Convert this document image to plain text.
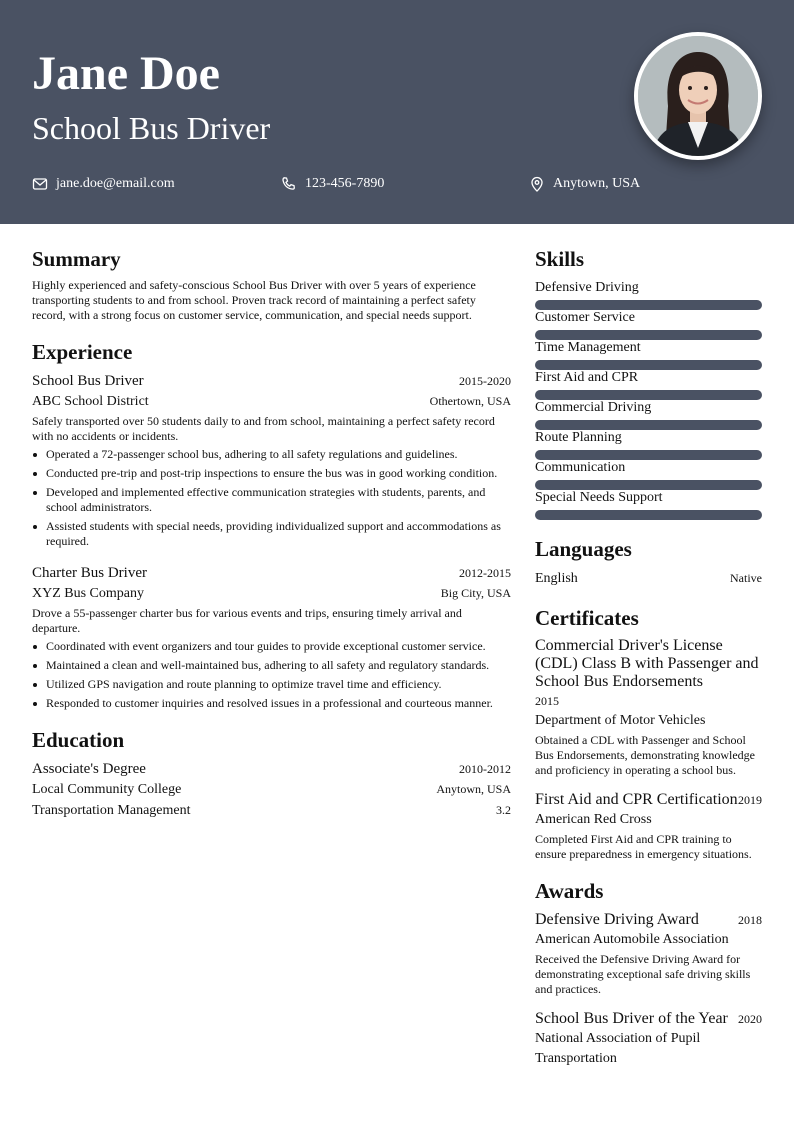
Jane Doe
School Bus Driver
jane.doe@email.com	123-456-7890	Anytown, USA
Summary

Highly experienced and safety-conscious School Bus Driver with over 5 years of experience transporting students to and from school. Proven track record of maintaining a perfect safety record, with a strong focus on customer service, communication, and special needs support.

Experience
School Bus Driver	2015-2020
ABC School District	Othertown, USA

Safely transported over 50 students daily to and from school, maintaining a perfect safety record with no accidents or incidents.

Operated a 72-passenger school bus, adhering to all safety regulations and guidelines.
Conducted pre-trip and post-trip inspections to ensure the bus was in good working condition.
Developed and implemented effective communication strategies with students, parents, and school administrators.
Assisted students with special needs, providing individualized support and accommodations as required.
Charter Bus Driver	2012-2015
XYZ Bus Company	Big City, USA

Drove a 55-passenger charter bus for various events and trips, ensuring timely arrival and departure.

Coordinated with event organizers and tour guides to provide exceptional customer service.
Maintained a clean and well-maintained bus, adhering to all safety and regulatory standards.
Utilized GPS navigation and route planning to optimize travel time and efficiency.
Responded to customer inquiries and resolved issues in a professional and courteous manner.
Education
Associate's Degree	2010-2012
Local Community College	Anytown, USA
Transportation Management	3.2
Skills
Defensive Driving
Customer Service
Time Management
First Aid and CPR
Commercial Driving
Route Planning
Communication
Special Needs Support
Languages
English	Native
Certificates
Commercial Driver's License (CDL) Class B with Passenger and School Bus Endorsements
2015
Department of Motor Vehicles

Obtained a CDL with Passenger and School Bus Endorsements, demonstrating knowledge and proficiency in operating a school bus.

First Aid and CPR Certification 2019
American Red Cross

Completed First Aid and CPR training to ensure preparedness in emergency situations.

Awards
Defensive Driving Award	2018
American Automobile Association

Received the Defensive Driving Award for demonstrating exceptional safe driving skills and practices.

School Bus Driver of the Year 2020
National Association of Pupil Transportation
